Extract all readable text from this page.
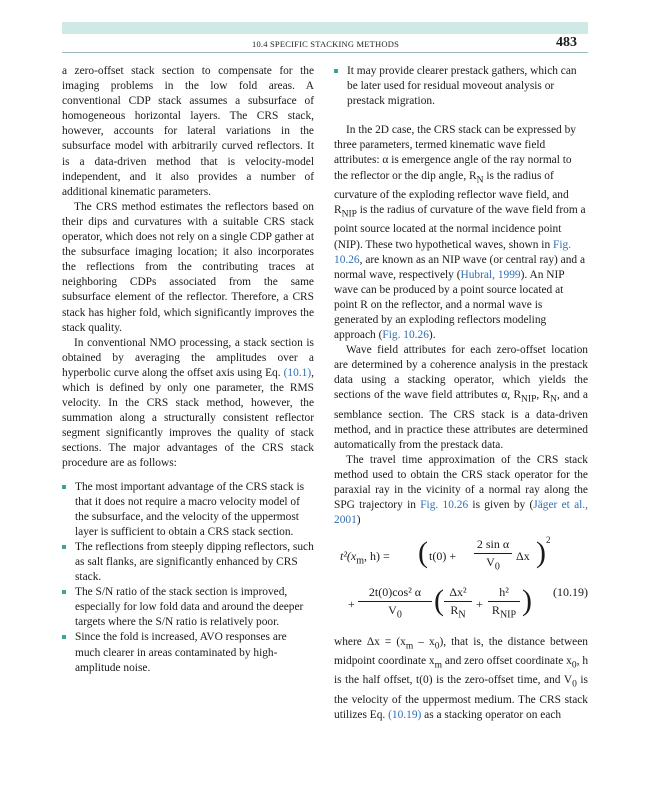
10.4 SPECIFIC STACKING METHODS	483

a zero-offset stack section to compensate for the imaging problems in the low fold areas. A conventional CDP stack assumes a subsurface of homogeneous horizontal layers. The CRS stack, however, accounts for lateral variations in the subsurface model with arbitrarily curved reflectors. It is a data-driven method that is velocity-model independent, and it also provides a number of additional kinematic parameters.

The CRS method estimates the reflectors based on their dips and curvatures with a suitable CRS stack operator, which does not rely on a single CDP gather at the subsurface imaging location; it also incorporates the reflections from the contributing traces at neighboring CDPs associated from the same subsurface element of the reflector. Therefore, a CRS stack has higher fold, which significantly improves the stack quality.

In conventional NMO processing, a stack section is obtained by averaging the amplitudes over a hyperbolic curve along the offset axis using Eq. (10.1), which is defined by only one parameter, the RMS velocity. In the CRS stack method, however, the summation along a structurally consistent reflector segment significantly improves the quality of stack sections. The major advantages of the CRS stack procedure are as follows:

The most important advantage of the CRS stack is that it does not require a macro velocity model of the subsurface, and the velocity of the uppermost layer is sufficient to obtain a CRS stack section.
The reflections from steeply dipping reflectors, such as salt flanks, are significantly enhanced by CRS stack.
The S/N ratio of the stack section is improved, especially for low fold data and around the deeper targets where the S/N ratio is relatively poor.
Since the fold is increased, AVO responses are much clearer in areas contaminated by high-amplitude noise.
It may provide clearer prestack gathers, which can be later used for residual moveout analysis or prestack migration.

In the 2D case, the CRS stack can be expressed by three parameters, termed kinematic wave field attributes: α is emergence angle of the ray normal to the reflector or the dip angle, $R_N$ is the radius of curvature of the exploding reflector wave field, and $R_{NIP}$ is the radius of curvature of the wave field from a point source located at the normal incidence point (NIP). These two hypothetical waves, shown in Fig. 10.26, are known as an NIP wave (or central ray) and a normal wave, respectively (Hubral, 1999). An NIP wave can be produced by a point source located at point R on the reflector, and a normal wave is generated by an exploding reflectors modeling approach (Fig. 10.26).

Wave field attributes for each zero-offset location are determined by a coherence analysis in the prestack data using a stacking operator, which yields the sections of the wave field attributes α, $R_{NIP}$, $R_N$, and a semblance section. The CRS stack is a data-driven method, and in practice these attributes are determined automatically from the prestack data.

The travel time approximation of the CRS stack method used to obtain the CRS stack operator for the paraxial ray in the vicinity of a normal ray along the SPG trajectory in Fig. 10.26 is given by (Jäger et al., 2001)

$t^2(x_m$, h) = ( t(0) +
2 sin α
$V_0$
Δx ) 2
+
2t(0)cos² α
$V_0$	( Δx²
$R_N$
+
h²
$R_{NIP}$ ) (10.19)

where $\Delta x = (x_m - x_0)$, that is, the distance between midpoint coordinate $x_m$ and zero offset coordinate $x_0$, h is the half offset, t(0) is the zero-offset time, and $V_0$ is the velocity of the uppermost medium. The CRS stack utilizes Eq. (10.19) as a stacking operator on each
